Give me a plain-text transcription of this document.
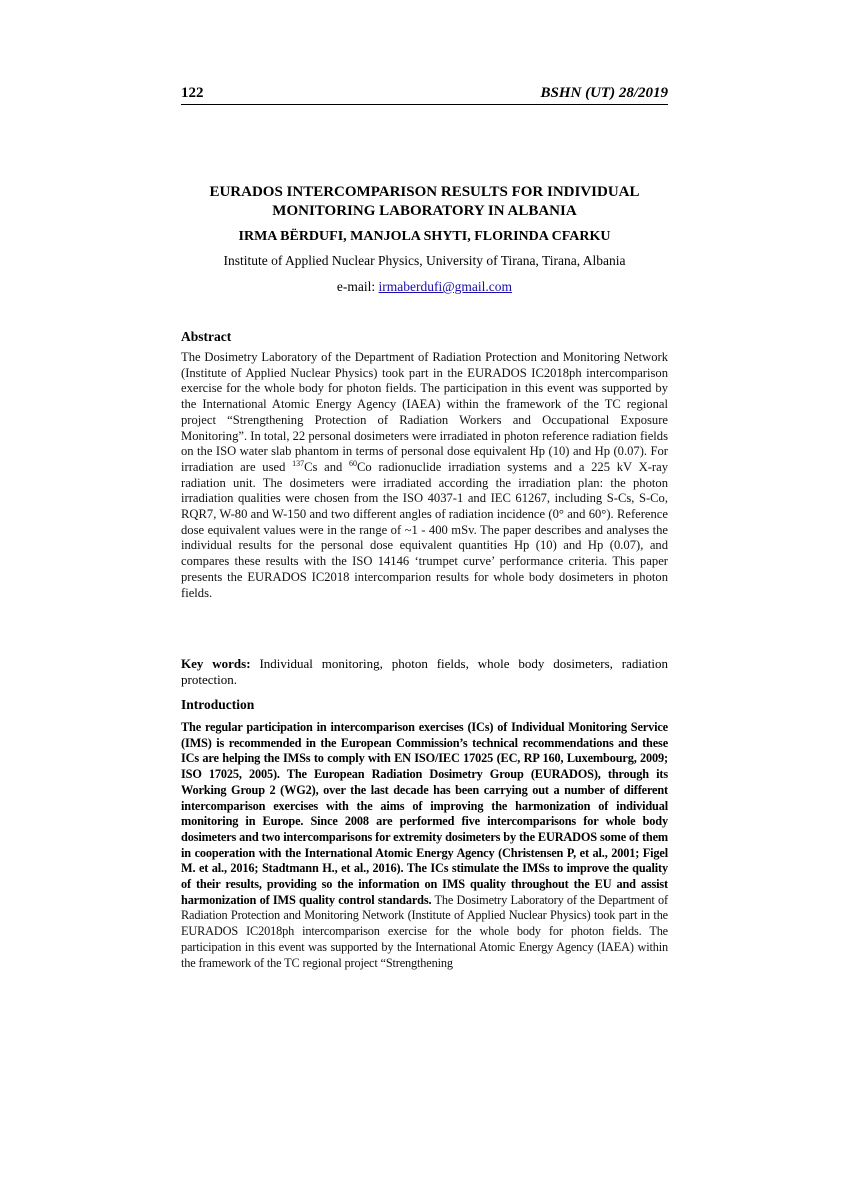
122	BSHN (UT) 28/2019
EURADOS INTERCOMPARISON RESULTS FOR INDIVIDUAL MONITORING LABORATORY IN ALBANIA

IRMA BËRDUFI, MANJOLA SHYTI, FLORINDA CFARKU

Institute of Applied Nuclear Physics, University of Tirana, Tirana, Albania

e-mail: irmaberdufi@gmail.com

Abstract

The Dosimetry Laboratory of the Department of Radiation Protection and Monitoring Network (Institute of Applied Nuclear Physics) took part in the EURADOS IC2018ph intercomparison exercise for the whole body for photon fields. The participation in this event was supported by the International Atomic Energy Agency (IAEA) within the framework of the TC regional project “Strengthening Protection of Radiation Workers and Occupational Exposure Monitoring”. In total, 22 personal dosimeters were irradiated in photon reference radiation fields on the ISO water slab phantom in terms of personal dose equivalent Hp (10) and Hp (0.07). For irradiation are used $^{137}$Cs and $^{60}$Co radionuclide irradiation systems and a 225 kV X-ray radiation unit. The dosimeters were irradiated according the irradiation plan: the photon irradiation qualities were chosen from the ISO 4037-1 and IEC 61267, including S-Cs, S-Co, RQR7, W-80 and W-150 and two different angles of radiation incidence (0° and 60°). Reference dose equivalent values were in the range of ~1 - 400 mSv. The paper describes and analyses the individual results for the personal dose equivalent quantities Hp (10) and Hp (0.07), and compares these results with the ISO 14146 ‘trumpet curve’ performance criteria. This paper presents the EURADOS IC2018 intercomparion results for whole body dosimeters in photon fields.

Key words: Individual monitoring, photon fields, whole body dosimeters, radiation protection.

Introduction

The regular participation in intercomparison exercises (ICs) of Individual Monitoring Service (IMS) is recommended in the European Commission’s technical recommendations and these ICs are helping the IMSs to comply with EN ISO/IEC 17025 (EC, RP 160, Luxembourg, 2009; ISO 17025, 2005). The European Radiation Dosimetry Group (EURADOS), through its Working Group 2 (WG2), over the last decade has been carrying out a number of different intercomparison exercises with the aims of improving the harmonization of individual monitoring in Europe. Since 2008 are performed five intercomparisons for whole body dosimeters and two intercomparisons for extremity dosimeters by the EURADOS some of them in cooperation with the International Atomic Energy Agency (Christensen P, et al., 2001; Figel M. et al., 2016; Stadtmann H., et al., 2016). The ICs stimulate the IMSs to improve the quality of their results, providing so the information on IMS quality throughout the EU and assist harmonization of IMS quality control standards. The Dosimetry Laboratory of the Department of Radiation Protection and Monitoring Network (Institute of Applied Nuclear Physics) took part in the EURADOS IC2018ph intercomparison exercise for the whole body for photon fields. The participation in this event was supported by the International Atomic Energy Agency (IAEA) within the framework of the TC regional project “Strengthening
